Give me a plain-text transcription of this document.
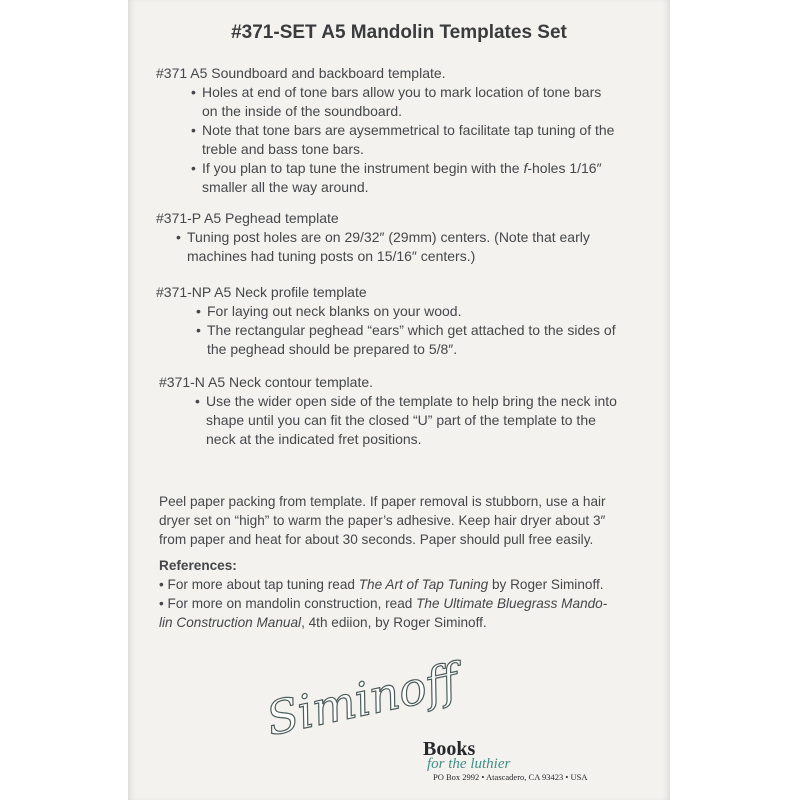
#371-SET A5 Mandolin Templates Set
#371 A5 Soundboard and backboard template.
• Holes at end of tone bars allow you to mark location of tone bars
on the inside of the soundboard.
• Note that tone bars are aysemmetrical to facilitate tap tuning of the
treble and bass tone bars.
• If you plan to tap tune the instrument begin with the f-holes 1/16″
smaller all the way around.
#371-P A5 Peghead template
• Tuning post holes are on 29/32″ (29mm) centers. (Note that early
machines had tuning posts on 15/16″ centers.)
#371-NP A5 Neck profile template
• For laying out neck blanks on your wood.
• The rectangular peghead “ears” which get attached to the sides of
the peghead should be prepared to 5/8″.
#371-N A5 Neck contour template.
• Use the wider open side of the template to help bring the neck into
shape until you can fit the closed “U” part of the template to the
neck at the indicated fret positions.
Peel paper packing from template. If paper removal is stubborn, use a hair
dryer set on “high” to warm the paper’s adhesive. Keep hair dryer about 3″
from paper and heat for about 30 seconds. Paper should pull free easily.
References:
• For more about tap tuning read The Art of Tap Tuning by Roger Siminoff.
• For more on mandolin construction, read The Ultimate Bluegrass Mando-
lin Construction Manual, 4th ediion, by Roger Siminoff.
Siminoff
Books
for the luthier
PO Box 2992 • Atascadero, CA 93423 • USA
